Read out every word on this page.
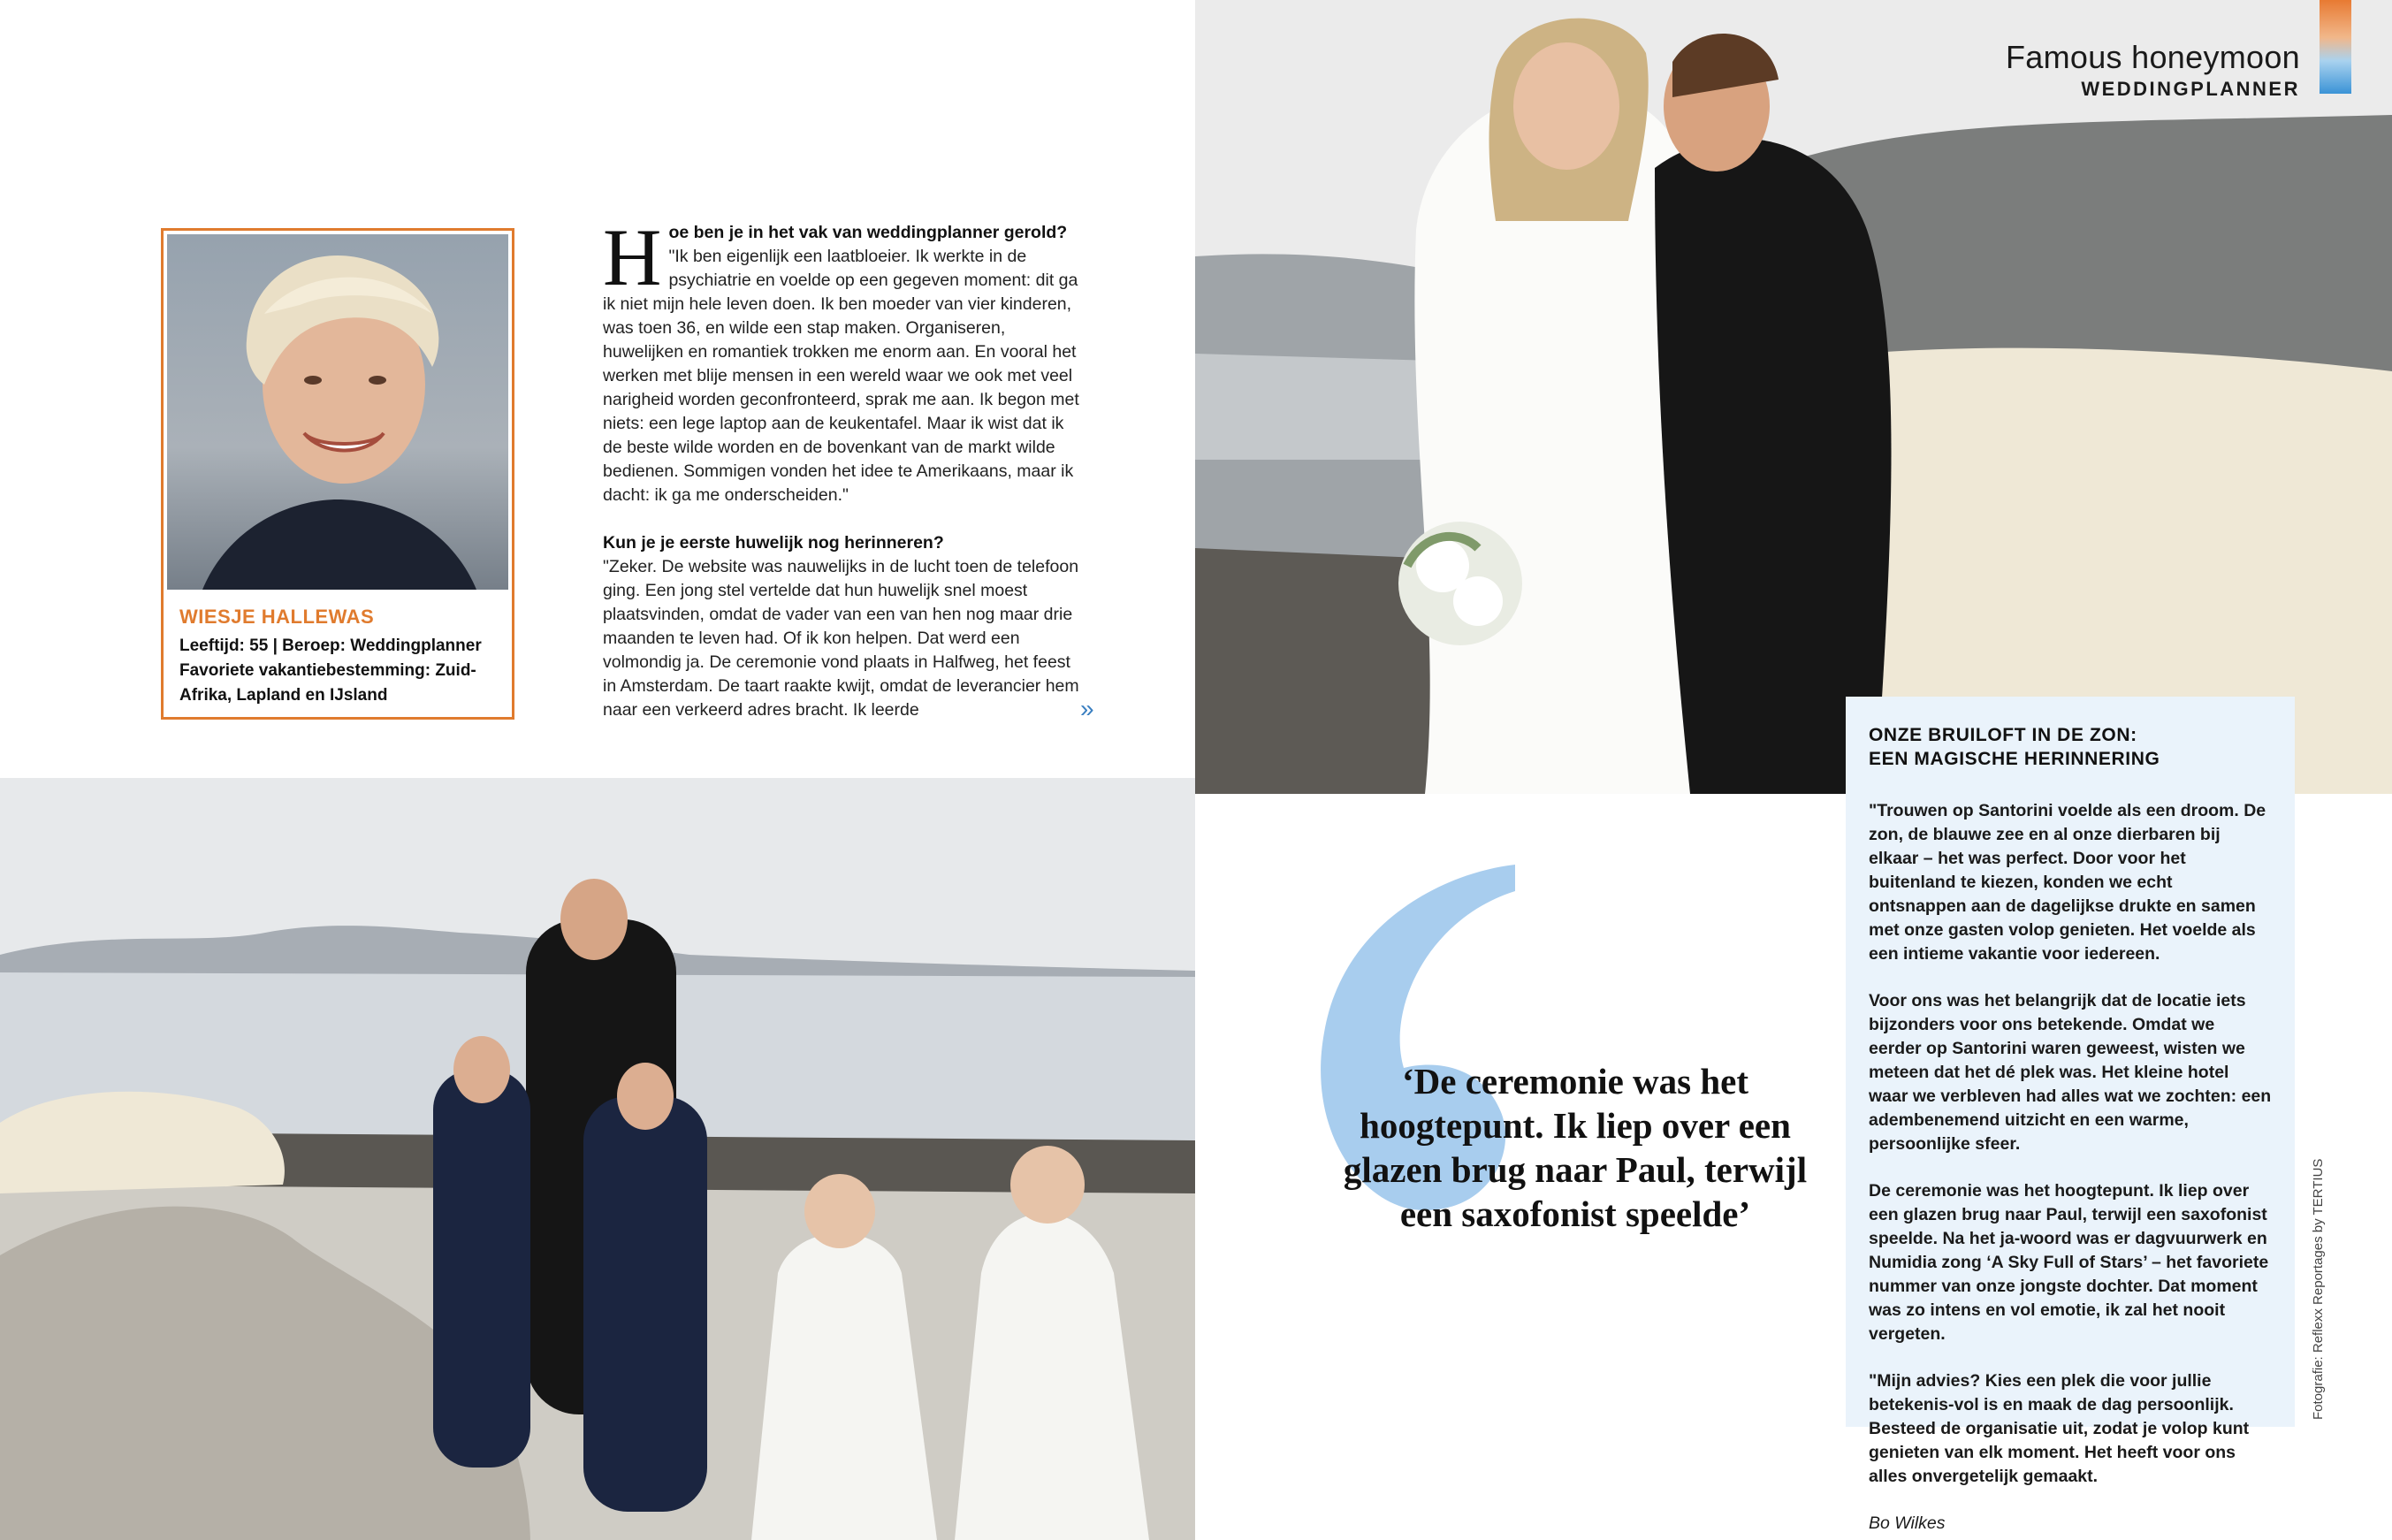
WIESJE HALLEWAS
Leeftijd: 55 | Beroep: Weddingplanner
Favoriete vakantiebestemming: Zuid-
Afrika, Lapland en IJsland

H oe ben je in het vak van weddingplanner gerold?
"Ik ben eigenlijk een laatbloeier. Ik werkte in de psychiatrie en voelde op een gegeven moment: dit ga ik niet mijn hele leven doen. Ik ben moeder van vier kinderen, was toen 36, en wilde een stap maken. Organiseren, huwelijken en romantiek trokken me enorm aan. En vooral het werken met blije mensen in een wereld waar we ook met veel narigheid worden geconfronteerd, sprak me aan. Ik begon met niets: een lege laptop aan de keukentafel. Maar ik wist dat ik de beste wilde worden en de bovenkant van de markt wilde bedienen. Sommigen vonden het idee te Amerikaans, maar ik dacht: ik ga me onderscheiden."

Kun je je eerste huwelijk nog herinneren?
"Zeker. De website was nauwelijks in de lucht toen de telefoon ging. Een jong stel vertelde dat hun huwelijk snel moest plaatsvinden, omdat de vader van een van hen nog maar drie maanden te leven had. Of ik kon helpen. Dat werd een volmondig ja. De ceremonie vond plaats in Halfweg, het feest in Amsterdam. De taart raakte kwijt, omdat de leverancier hem naar een verkeerd adres bracht. Ik leerde	»
Famous honeymoon
WEDDINGPLANNER
‘De ceremonie was het hoogtepunt. Ik liep over een glazen brug naar Paul, terwijl een saxofonist speelde’
ONZE BRUILOFT IN DE ZON:
EEN MAGISCHE HERINNERING

"Trouwen op Santorini voelde als een droom. De zon, de blauwe zee en al onze dierbaren bij elkaar – het was perfect. Door voor het buitenland te kiezen, konden we echt ontsnappen aan de dagelijkse drukte en samen met onze gasten volop genieten. Het voelde als een intieme vakantie voor iedereen.

Voor ons was het belangrijk dat de locatie iets bijzonders voor ons betekende. Omdat we eerder op Santorini waren geweest, wisten we meteen dat het dé plek was. Het kleine hotel waar we verbleven had alles wat we zochten: een adembenemend uitzicht en een warme, persoonlijke sfeer.

De ceremonie was het hoogtepunt. Ik liep over een glazen brug naar Paul, terwijl een saxofonist speelde. Na het ja-woord was er dagvuurwerk en Numidia zong ‘A Sky Full of Stars’ – het favoriete nummer van onze jongste dochter. Dat moment was zo intens en vol emotie, ik zal het nooit vergeten.

"Mijn advies? Kies een plek die voor jullie betekenis-vol is en maak de dag persoonlijk. Besteed de organisatie uit, zodat je volop kunt genieten van elk moment. Het heeft voor ons alles onvergetelijk gemaakt.

Bo Wilkes

Fotografie: Reflexx Reportages by TERTIUS
